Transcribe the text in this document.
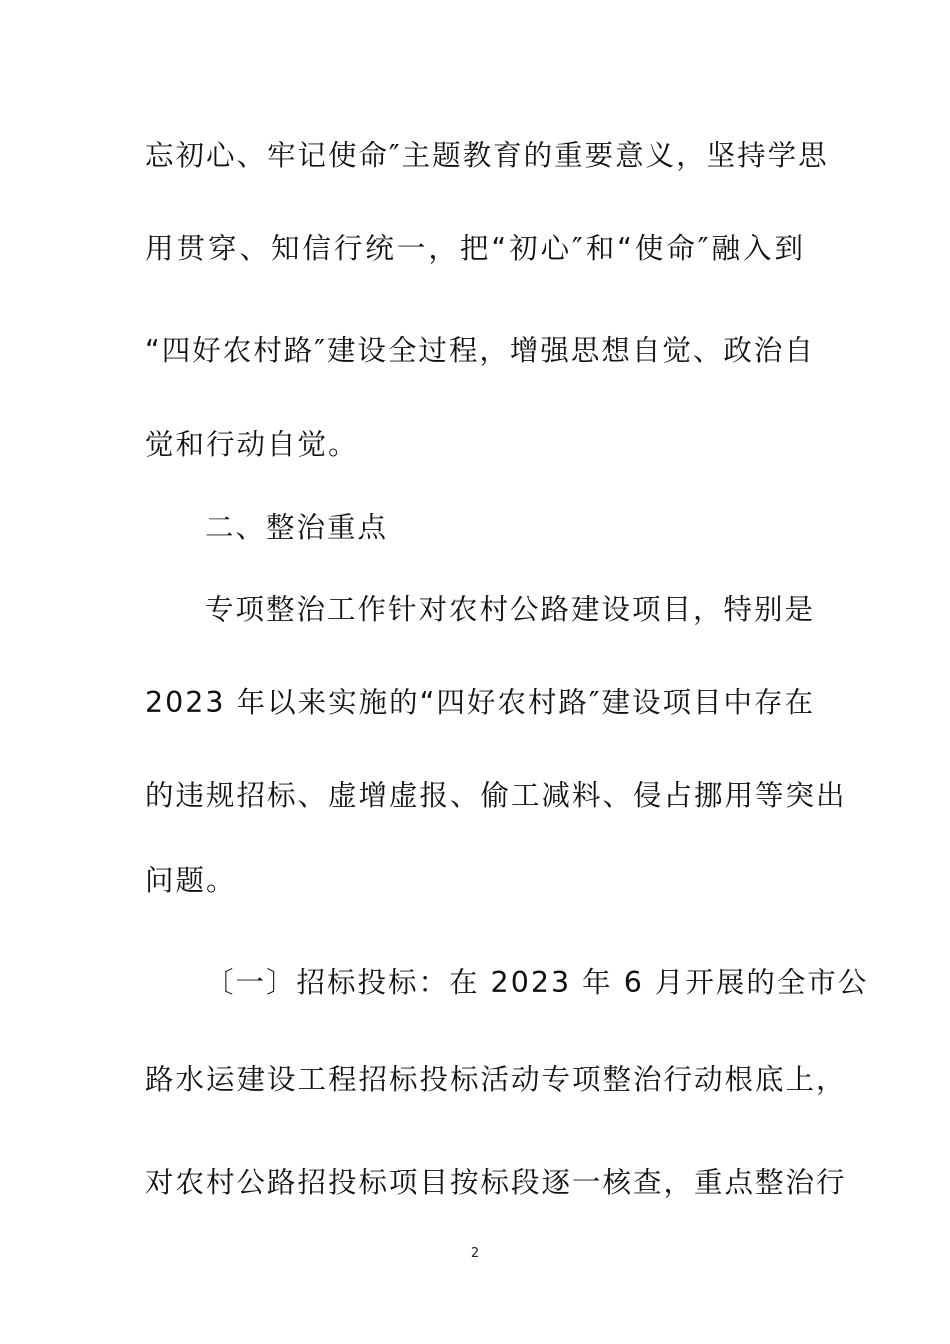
忘初心、牢记使命″主题教育的重要意义，坚持学思
用贯穿、知信行统一，把“初心″和“使命″融入到
“四好农村路″建设全过程，增强思想自觉、政治自
觉和行动自觉。
二、整治重点
专项整治工作针对农村公路建设项目，特别是
2023 年以来实施的“四好农村路″建设项目中存在
的违规招标、虚增虚报、偷工减料、侵占挪用等突出
问题。
〔一〕招标投标：在 2023 年 6 月开展的全市公
路水运建设工程招标投标活动专项整治行动根底上，
对农村公路招投标项目按标段逐一核查，重点整治行
2
